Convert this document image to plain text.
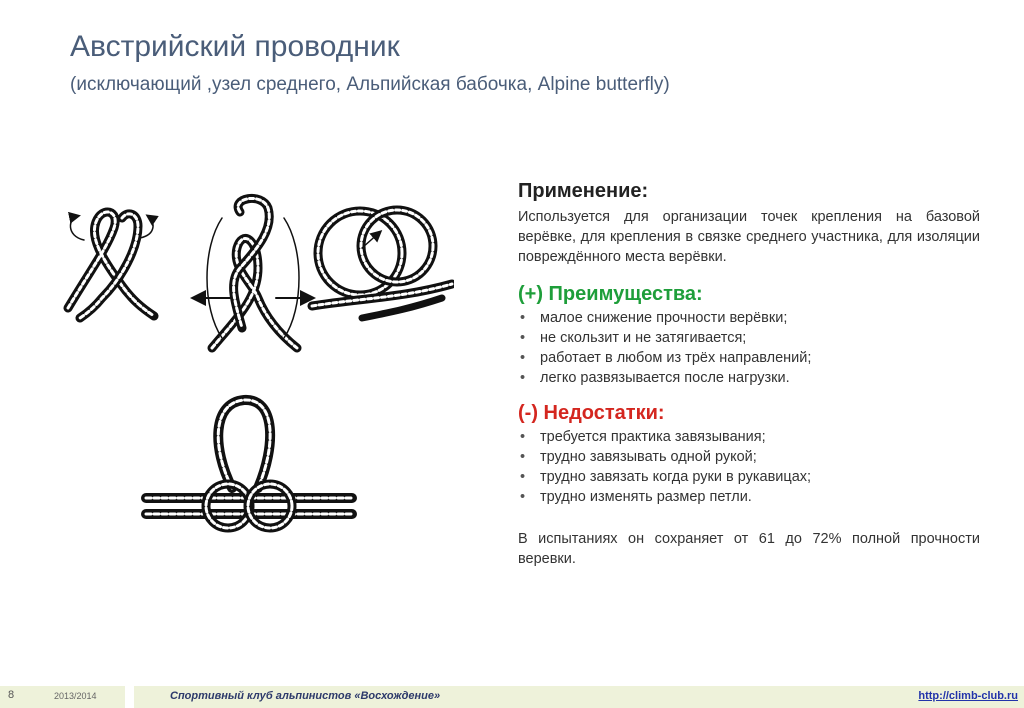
Австрийский проводник
(исключающий ,узел среднего, Альпийская бабочка, Alpine butterfly)
Применение:

Используется для организации точек крепления на базовой верёвке, для крепления в связке среднего участника, для изоляции повреждённого места верёвки.

(+) Преимущества:
• малое снижение прочности верёвки;
• не скользит и не затягивается;
• работает в любом из трёх направлений;
• легко развязывается после нагрузки.
(-) Недостатки:
• требуется практика завязывания;
• трудно завязывать одной рукой;
• трудно завязать когда руки в рукавицах;
• трудно изменять размер петли.

В испытаниях он сохраняет от 61 до 72% полной прочности веревки.

8	2013/2014	Спортивный клуб альпинистов «Восхождение»	http://climb-club.ru
